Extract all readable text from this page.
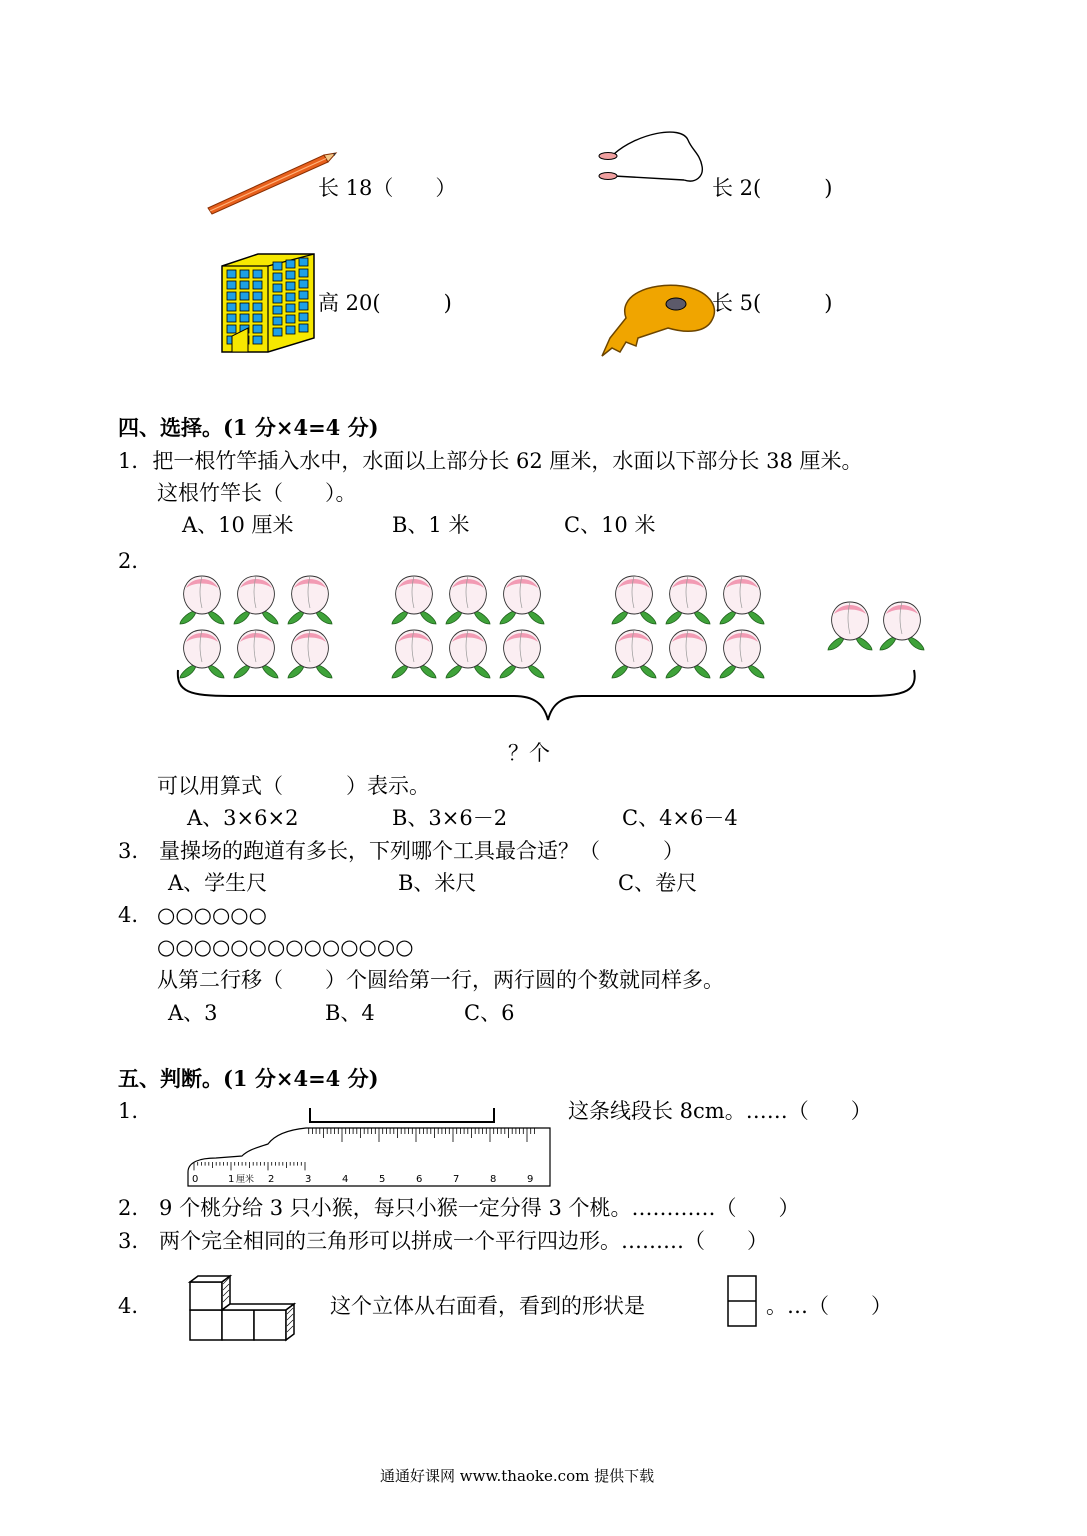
长 18（　　）	长 2(　　　)
高 20(　　　)	长 5(　　　)
四、选择。(1 分×4=4 分)
1．把一根竹竿插入水中，水面以上部分长 62 厘米，水面以下部分长 38 厘米。
这根竹竿长（　　）。
A、10 厘米	B、1 米	C、10 米
2．
？个
可以用算式（　　　）表示。
A、3×6×2	B、3×6－2	C、4×6－4
3.　量操场的跑道有多长，下列哪个工具最合适？（　　　）
A、学生尺	B、米尺	C、卷尺
4. ○○○○○○
○○○○○○○○○○○○○○
从第二行移（　　）个圆给第一行，两行圆的个数就同样多。
A、3	B、4	C、6
五、判断。(1 分×4=4 分)
1.
0	1 厘米 2	3	4	5	6	7	8	9
这条线段长 8cm。……（　　）
2.　9 个桃分给 3 只小猴，每只小猴一定分得 3 个桃。…………（　　）
3.　两个完全相同的三角形可以拼成一个平行四边形。………（　　）
4.	这个立体从右面看，看到的形状是	。…（　　）
通通好课网 www.thaoke.com 提供下载
